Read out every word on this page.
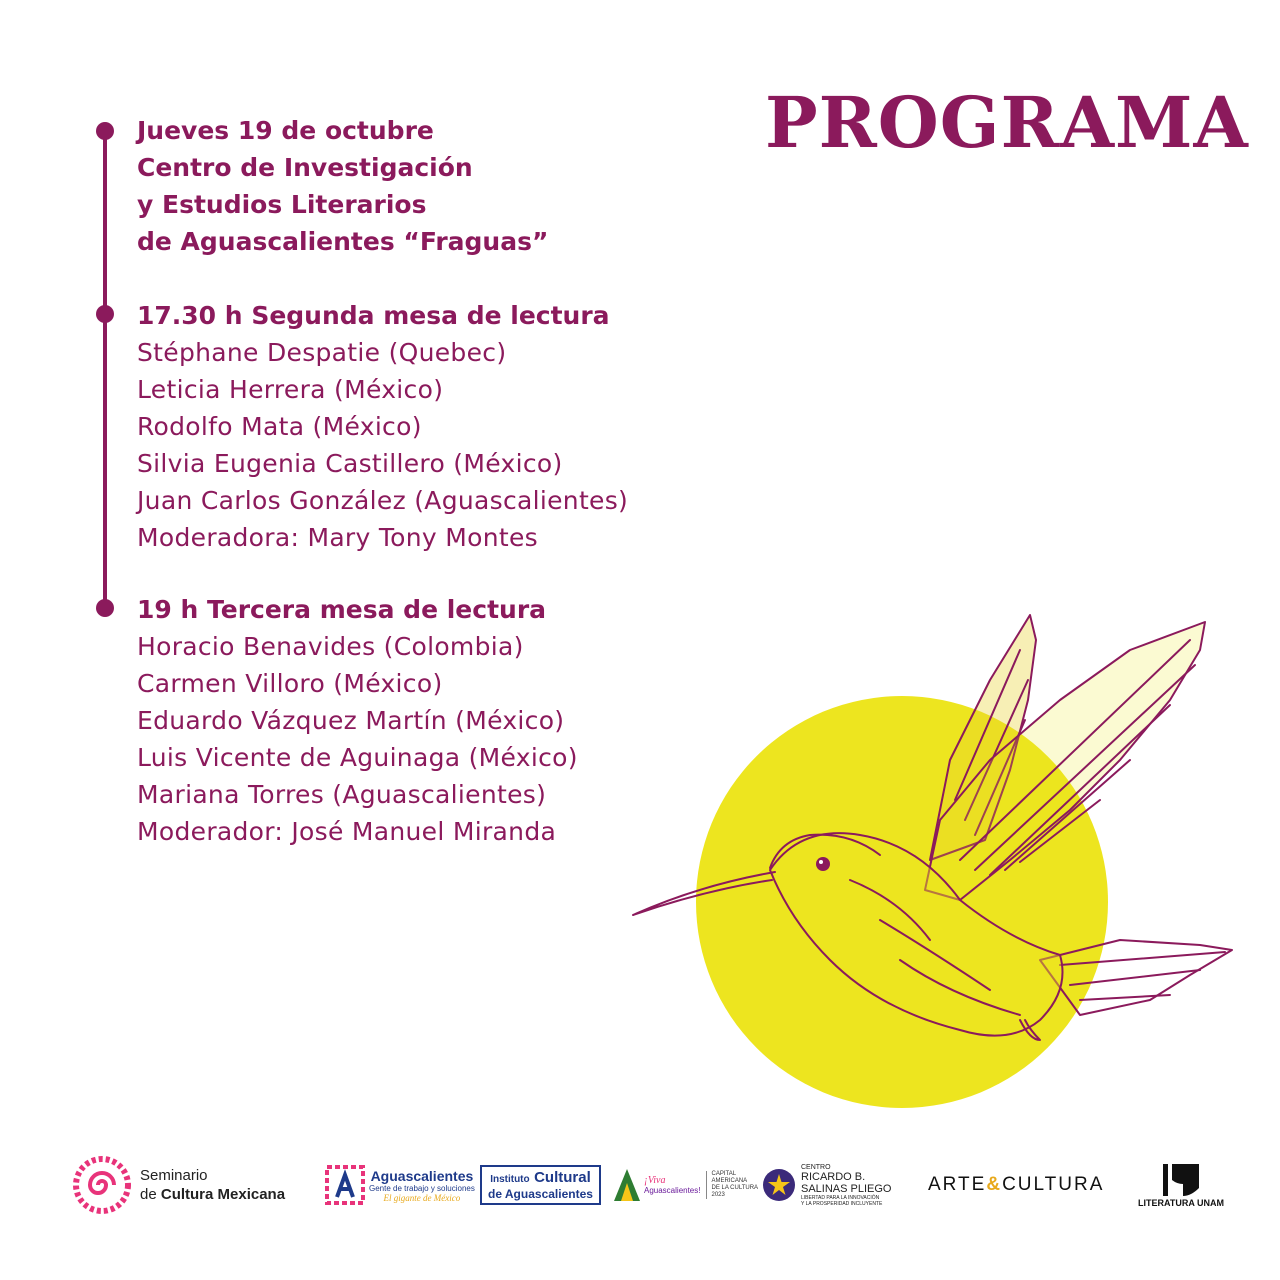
PROGRAMA
Jueves 19 de octubre
Centro de Investigación
y Estudios Literarios
de Aguascalientes “Fraguas”
17.30 h Segunda mesa de lectura
Stéphane Despatie (Quebec)
Leticia Herrera (México)
Rodolfo Mata (México)
Silvia Eugenia Castillero (México)
Juan Carlos González (Aguascalientes)
Moderadora: Mary Tony Montes
19 h Tercera mesa de lectura
Horacio Benavides (Colombia)
Carmen Villoro (México)
Eduardo Vázquez Martín (México)
Luis Vicente de Aguinaga (México)
Mariana Torres (Aguascalientes)
Moderador: José Manuel Miranda
Seminario
de Cultura Mexicana
Aguascalientes
Gente de trabajo y soluciones
El gigante de México
Instituto Cultural
de Aguascalientes
¡Viva
Aguascalientes!
CAPITAL
AMERICANA
DE LA CULTURA
2023
CENTRO
RICARDO B.
SALINAS PLIEGO
LIBERTAD PARA LA INNOVACIÓN
Y LA PROSPERIDAD INCLUYENTE
ARTE & CULTURA
LITERATURA UNAM
